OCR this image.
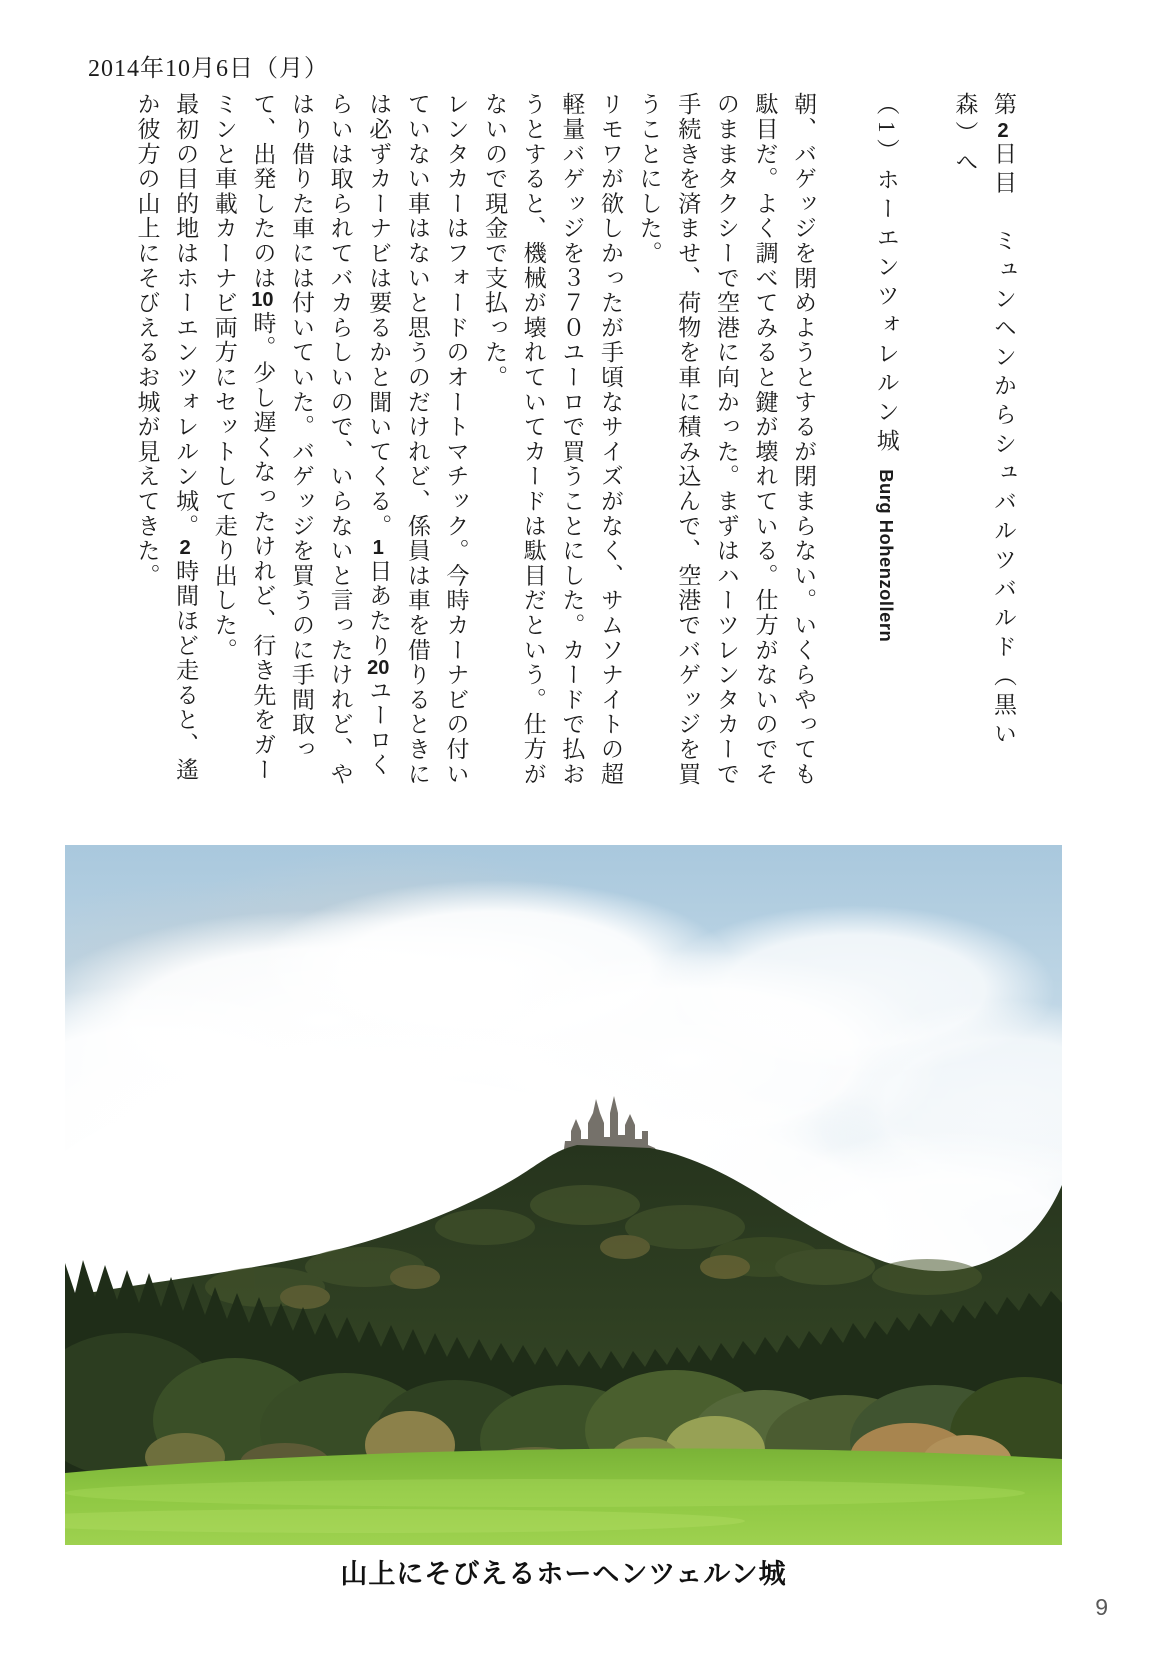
2014年10月6日（月）
第2日目　ミュンヘンからシュバルツバルド（黒い森）へ
（1）ホーエンツォレルン城 Burg Hohenzollern

朝、バゲッジを閉めようとするが閉まらない。いくらやっても駄目だ。よく調べてみると鍵が壊れている。仕方がないのでそのままタクシーで空港に向かった。まずはハーツレンタカーで手続きを済ませ、荷物を車に積み込んで、空港でバゲッジを買うことにした。

リモワが欲しかったが手頃なサイズがなく、サムソナイトの超軽量バゲッジを３７０ユーロで買うことにした。カードで払おうとすると、機械が壊れていてカードは駄目だという。仕方がないので現金で支払った。

レンタカーはフォードのオートマチック。今時カーナビの付いていない車はないと思うのだけれど、係員は車を借りるときには必ずカーナビは要るかと聞いてくる。1日あたり20ユーロくらいは取られてバカらしいので、いらないと言ったけれど、やはり借りた車には付いていた。バゲッジを買うのに手間取って、出発したのは10時。少し遅くなったけれど、行き先をガーミンと車載カーナビ両方にセットして走り出した。

最初の目的地はホーエンツォレルン城。2時間ほど走ると、遙か彼方の山上にそびえるお城が見えてきた。

山上にそびえるホーヘンツェルン城
9
